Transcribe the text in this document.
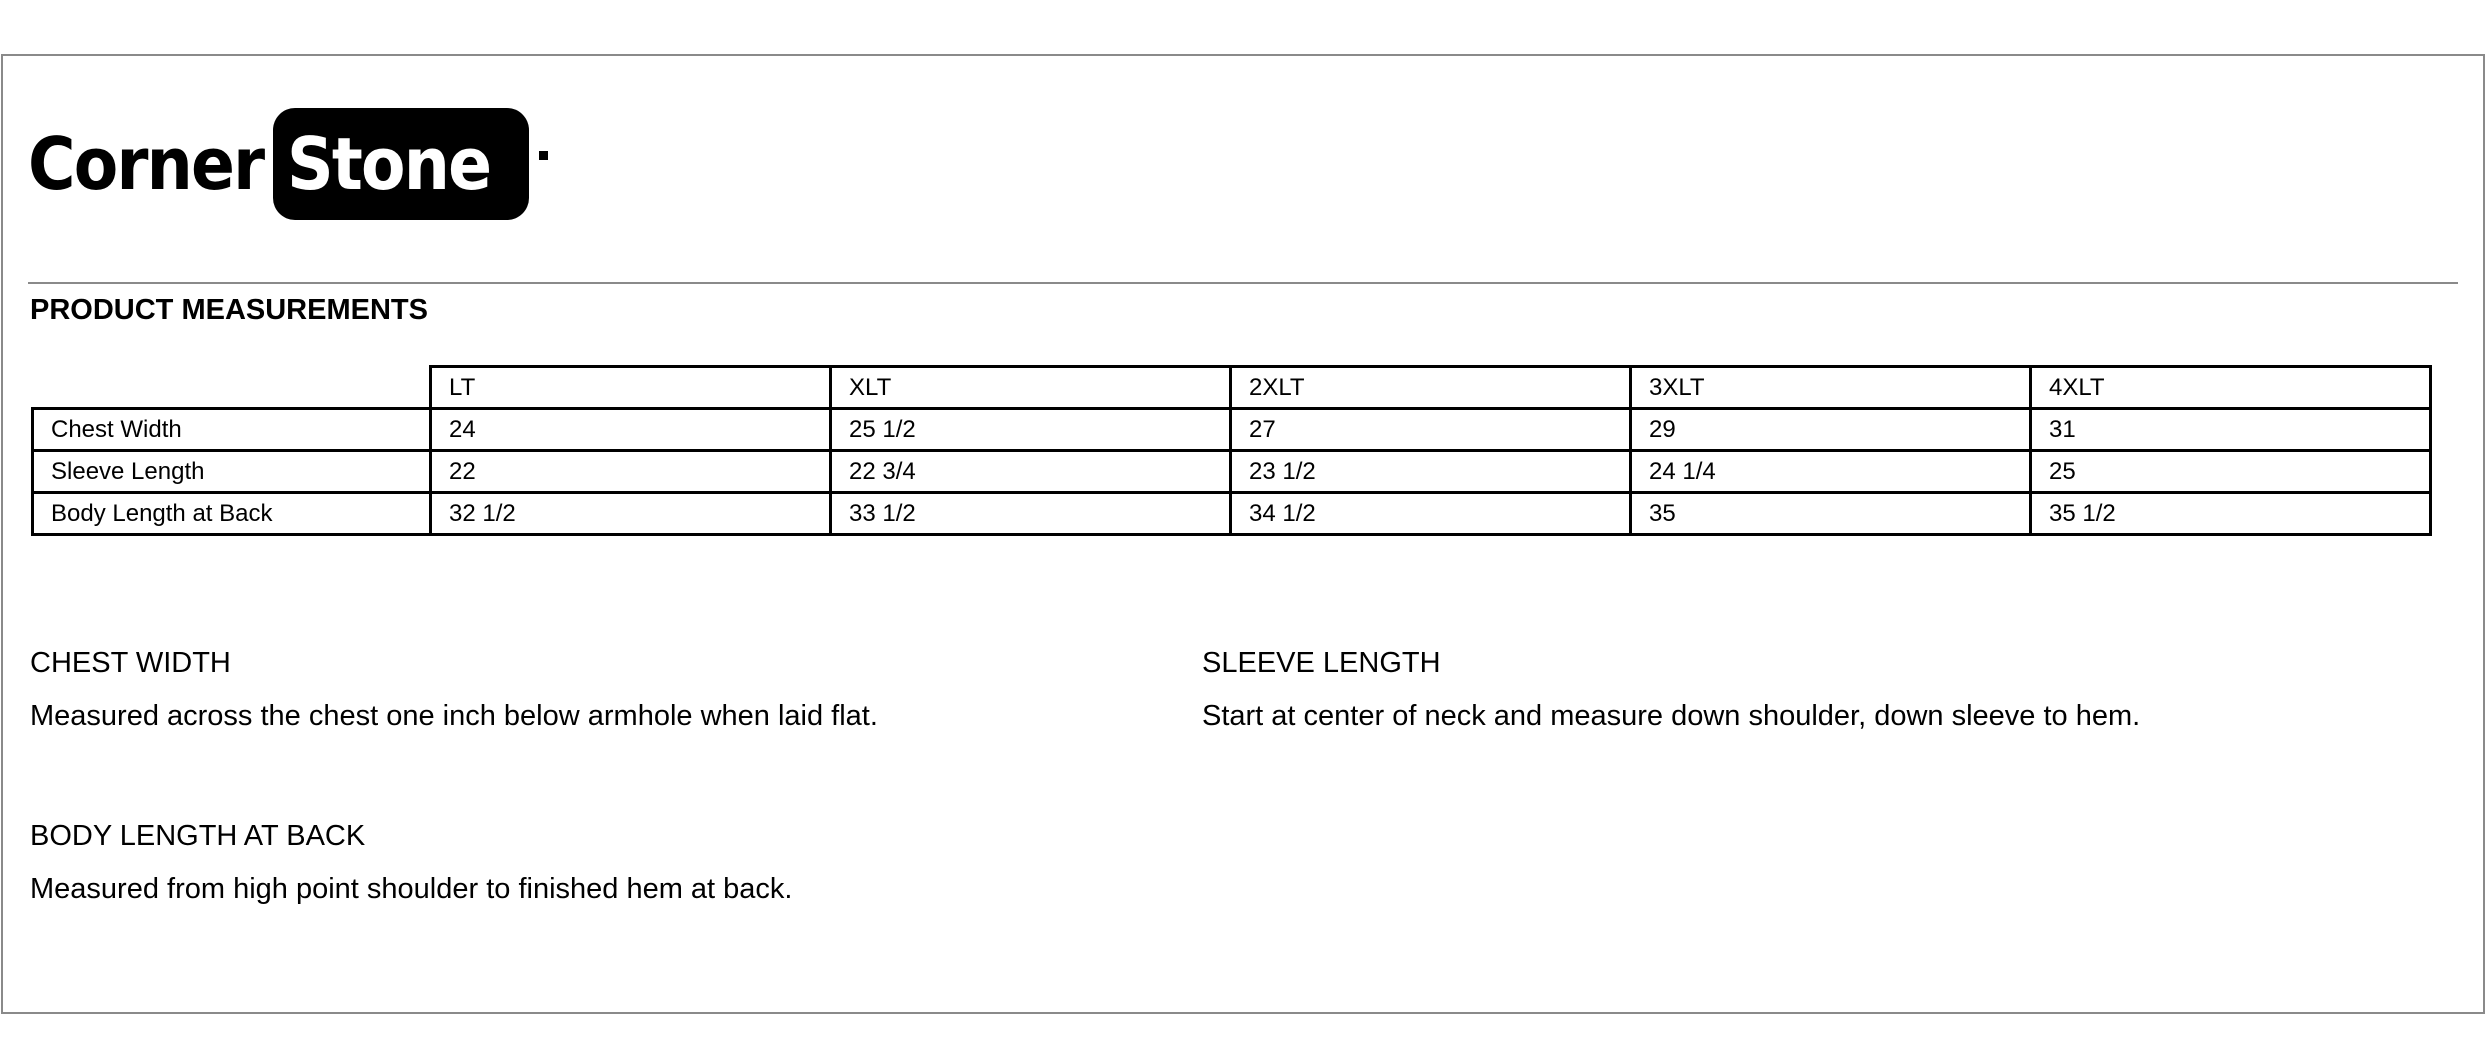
Corner Stone
PRODUCT MEASUREMENTS
	LT	XLT	2XLT	3XLT	4XLT
Chest Width	24	25 1/2	27	29	31
Sleeve Length	22	22 3/4	23 1/2	24 1/4	25
Body Length at Back	32 1/2	33 1/2	34 1/2	35	35 1/2
CHEST WIDTH
Measured across the chest one inch below armhole when laid flat.
SLEEVE LENGTH
Start at center of neck and measure down shoulder, down sleeve to hem.
BODY LENGTH AT BACK
Measured from high point shoulder to finished hem at back.
